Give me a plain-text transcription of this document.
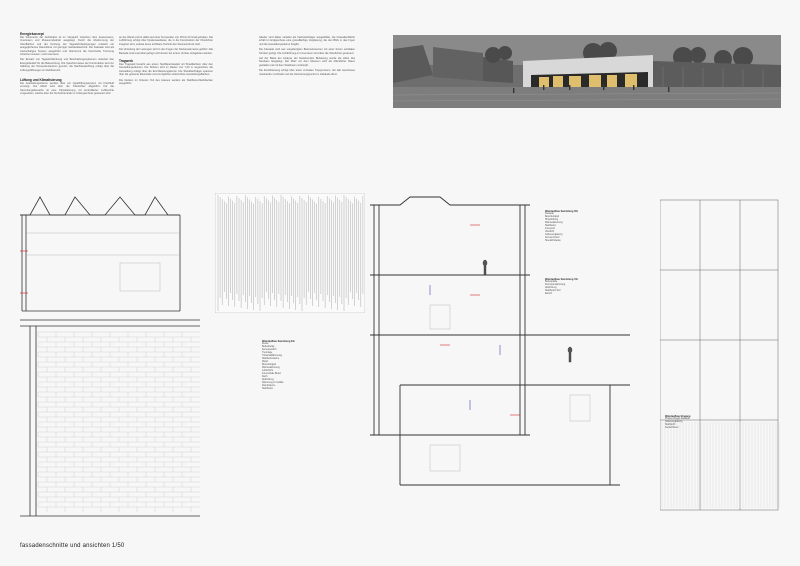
Energiekonzept

Die Volumetrie der Architektur ist im Vergleich zwischen dem Aussenraum, Innenraum und Museumsbetrieb ausgelegt. Durch die Abstimmung der Oberflächen und der Nutzung der Tageslichtbedingungen entsteht ein ausgeglichenes Raumklima mit geringer Gebäudetechnik. Die Fassade wird als zweischaliges System ausgeführt und übernimmt die thermische Trennung zwischen Aussen- und Innenraum.

Der Einsatz von Tageslichtlenkung und Beschattungssystemen reduziert den Energiebedarf für die Beleuchtung. Die Speichermasse der Konstruktion wird zur Glättung der Temperaturspitzen genutzt, die Nachtauskühlung erfolgt über die Lüftungsöffnungen im Dachbereich.

Lüftung und Klimatisierung

Die Ausstellungsräume werden über ein Quelllüftungssystem mit Frischluft versorgt. Die Abluft wird über die Oberlichter abgeführt. Für die Sammlungsbereiche ist eine Klimatisierung mit kontrollierter Luftfeuchte vorgesehen, welche über die Technikzentrale im Untergeschoss gesteuert wird.

an der Wand und ist dabei auf einer Temperatur von 18 bis 22 Grad gehalten. Die Luftführung erfolgt über Deckenauslässe, die in die Konstruktion der Oberlichter integriert sind, sodass keine sichtbare Technik den Raumeindruck stört.

Die Verteilung der Leitungen wird in den Fugen der Deckenelemente geführt. Alle Bauteile sind reversibel gefügt und können bei einem Umbau rückgebaut werden.

Tragwerk

Das Tragwerk besteht aus einem Stahlbetonskelett mit Sheddächern über den Ausstellungsräumen. Die Stützen sind im Raster von 7,20 m angeordnet, die Aussteifung erfolgt über die Erschliessungskerne. Die Sheddachträger spannen über die gesamte Raumtiefe und ermöglichen stützenfreie Ausstellungsflächen.

Die Decken im hinteren Teil des Hauses werden als Stahlbetonflachdecken ausgeführt.

Glieder sind dabei variabel als Fachwerkträger ausgebildet, die Fassadenfläche erhält im Erdgeschoss eine grossflächige Verglasung, die den Blick in das Foyer und die Ausstellungsräume freigibt.

Die Fassade wird aus vorgefertigten Betonelementen mit einer feinen vertikalen Struktur gefügt. Die Lichtführung im Innenraum wird über die Oberlichter gesteuert.

Auf der Basis der Analyse der bestehenden Bebauung wurde die Höhe des Neubaus festgelegt. Der Platz vor dem Museum wird als öffentlicher Raum gestaltet und mit dem Stadtraum verknüpft.

Die Erschliessung erfolgt über einen zentralen Treppenraum, der alle Geschosse miteinander verbindet und als Orientierungspunkt im Gebäude dient.

Wandaufbau Sammlung EG
Decke
Bodenbelag
Zementestrich
Trennlage
Trittschalldämmung
Stahlbetondecke
Wand
Betonfertigteil
Wärmedämmung
Luftschicht
Innenschale Beton
Dach
Abdichtung
Dämmung im Gefälle
Dampfsperre
Stahlbeton
Wandaufbau Sammlung OG
Fassade
Betonfertigteil
Hinterlüftung
Wärmedämmung
Stahlbeton
Innenputz
Oberlicht
Isolierverglasung
Sonnenschutz
Streulichtdecke
Wandaufbau Sammlung UG
Bodenplatte
Perimeterdämmung
Abdichtung
Stahlbeton WU
Estrich
Wandaufbau Eingang
Pfosten-Riegel-Fassade
Isolierverglasung
Stahlprofil
Sockel Beton
fassadenschnitte und ansichten 1/50
